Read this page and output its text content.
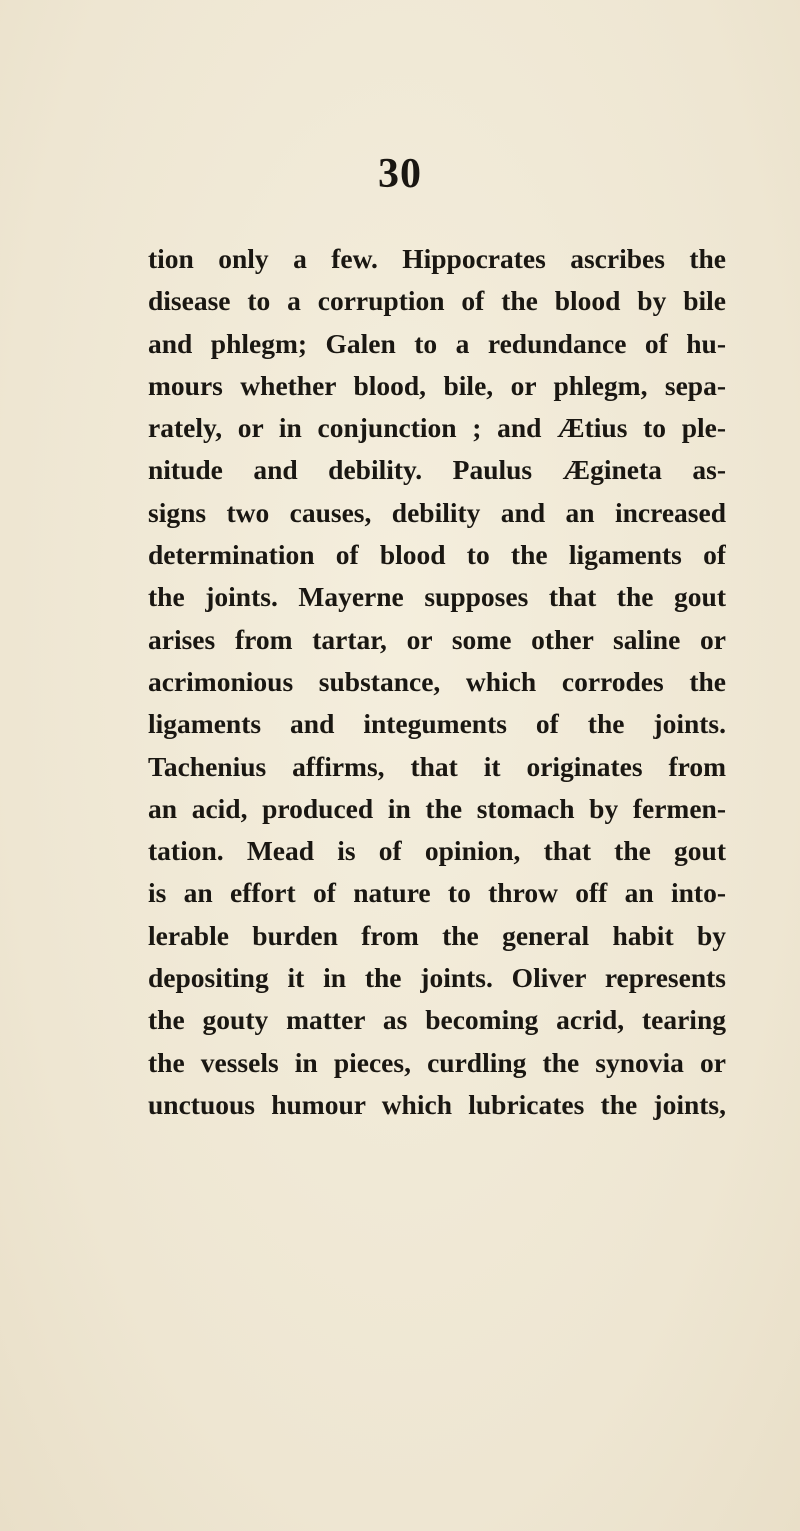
30
tion only a few. Hippocrates ascribes the
disease to a corruption of the blood by bile
and phlegm; Galen to a redundance of hu-
mours whether blood, bile, or phlegm, sepa-
rately, or in conjunction ; and Ætius to ple-
nitude and debility. Paulus Ægineta as-
signs two causes, debility and an increased
determination of blood to the ligaments of
the joints. Mayerne supposes that the gout
arises from tartar, or some other saline or
acrimonious substance, which corrodes the
ligaments and integuments of the joints.
Tachenius affirms, that it originates from
an acid, produced in the stomach by fermen-
tation. Mead is of opinion, that the gout
is an effort of nature to throw off an into-
lerable burden from the general habit by
depositing it in the joints. Oliver represents
the gouty matter as becoming acrid, tearing
the vessels in pieces, curdling the synovia or
unctuous humour which lubricates the joints,
